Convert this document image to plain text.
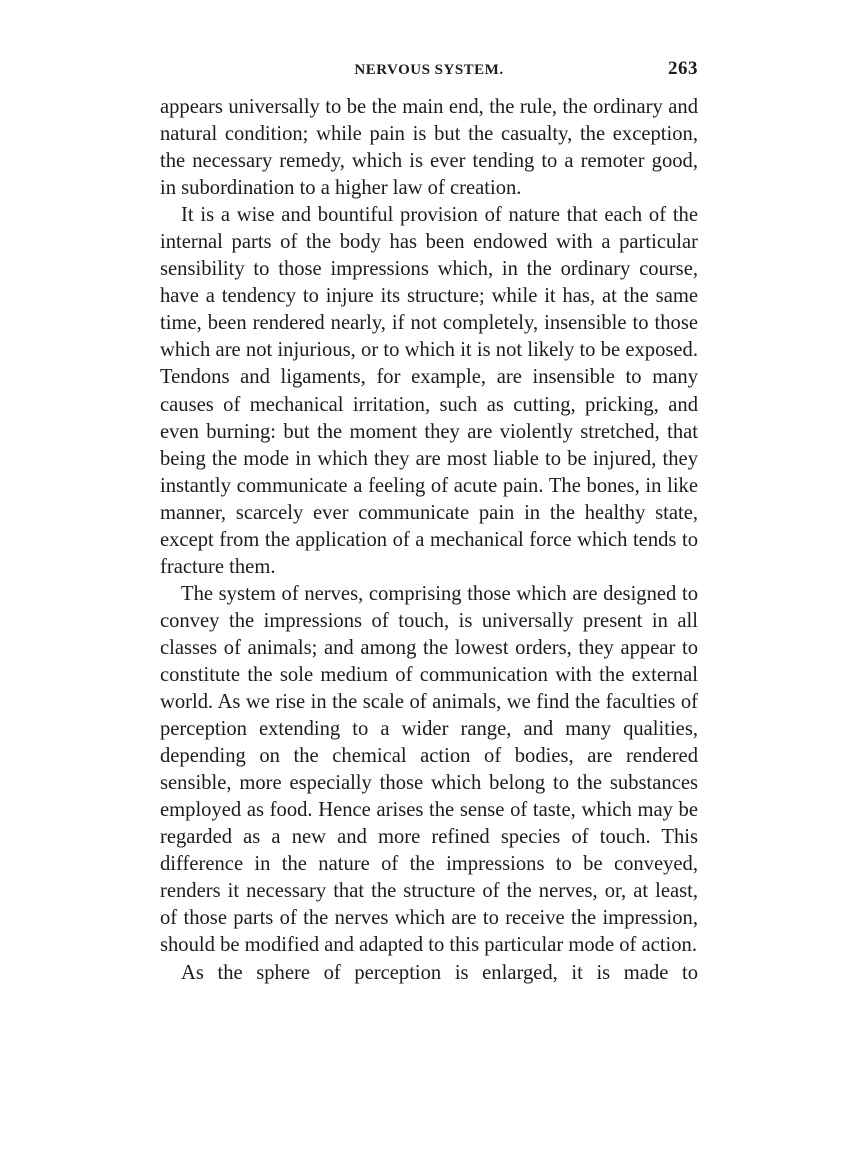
NERVOUS SYSTEM.	263

appears universally to be the main end, the rule, the ordinary and natural condition; while pain is but the casualty, the exception, the necessary remedy, which is ever tending to a remoter good, in subordination to a higher law of creation.

It is a wise and bountiful provision of nature that each of the internal parts of the body has been endowed with a particular sensibility to those impressions which, in the ordinary course, have a tendency to injure its structure; while it has, at the same time, been rendered nearly, if not completely, insensible to those which are not injurious, or to which it is not likely to be exposed. Tendons and ligaments, for example, are insensible to many causes of mechanical irritation, such as cutting, pricking, and even burning: but the moment they are violently stretched, that being the mode in which they are most liable to be injured, they instantly communicate a feeling of acute pain. The bones, in like manner, scarcely ever communicate pain in the healthy state, except from the application of a mechanical force which tends to fracture them.

The system of nerves, comprising those which are designed to convey the impressions of touch, is universally present in all classes of animals; and among the lowest orders, they appear to constitute the sole medium of communication with the external world. As we rise in the scale of animals, we find the faculties of perception extending to a wider range, and many qualities, depending on the chemical action of bodies, are rendered sensible, more especially those which belong to the substances employed as food. Hence arises the sense of taste, which may be regarded as a new and more refined species of touch. This difference in the nature of the impressions to be conveyed, renders it necessary that the structure of the nerves, or, at least, of those parts of the nerves which are to receive the impression, should be modified and adapted to this particular mode of action.

As the sphere of perception is enlarged, it is made to
